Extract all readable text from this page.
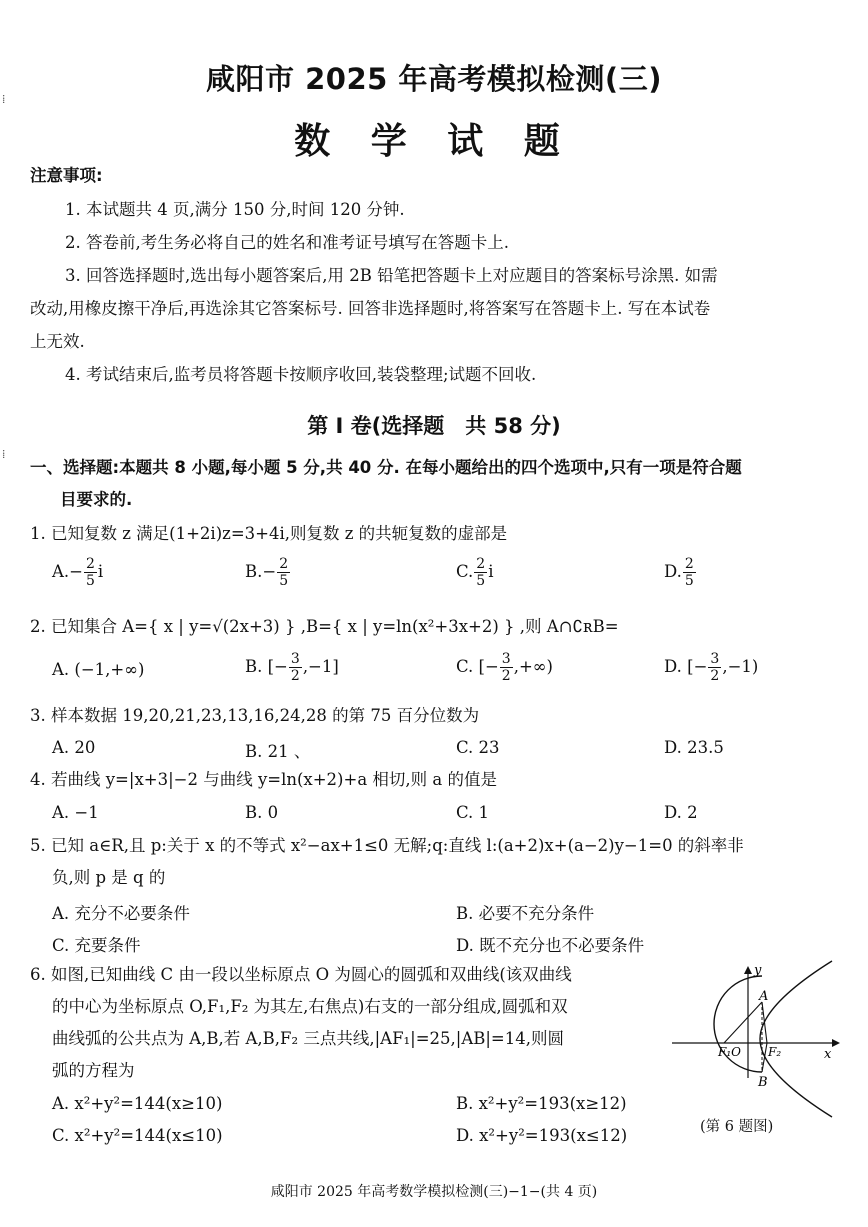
⁞
⁞
咸阳市 2025 年高考模拟检测(三)
数 学 试 题
注意事项:
1. 本试题共 4 页,满分 150 分,时间 120 分钟.
2. 答卷前,考生务必将自己的姓名和准考证号填写在答题卡上.
3. 回答选择题时,选出每小题答案后,用 2B 铅笔把答题卡上对应题目的答案标号涂黑. 如需
改动,用橡皮擦干净后,再选涂其它答案标号. 回答非选择题时,将答案写在答题卡上. 写在本试卷
上无效.
4. 考试结束后,监考员将答题卡按顺序收回,装袋整理;试题不回收.
第 Ⅰ 卷(选择题　共 58 分)
一、选择题:本题共 8 小题,每小题 5 分,共 40 分. 在每小题给出的四个选项中,只有一项是符合题
目要求的.
1. 已知复数 z 满足(1+2i)z=3+4i,则复数 z 的共轭复数的虚部是
$A.- \frac{2}{5}$ i	$B.- \frac{2}{5}$	C. $\frac{2}{5}$ i	D. $\frac{2}{5}$
2. 已知集合 A={ x | y=√(2x+3) } ,B={ x | y=ln(x²+3x+2) } ,则 A∩∁ʀB=
A. (−1,+∞)	B. [− $\frac{3}{2} ,-1$]	C. [− $\frac{3}{2}$ ,+∞)	D. [− $\frac{3}{2} ,-1$)
3. 样本数据 19,20,21,23,13,16,24,28 的第 75 百分位数为
A. 20	B. 21 、	C. 23	D. 23.5
4. 若曲线 y=|x+3|−2 与曲线 y=ln(x+2)+a 相切,则 a 的值是
A. −1	B. 0	C. 1	D. 2
5. 已知 a∈R,且 p:关于 x 的不等式 x²−ax+1≤0 无解;q:直线 l:(a+2)x+(a−2)y−1=0 的斜率非
负,则 p 是 q 的
A. 充分不必要条件	B. 必要不充分条件
C. 充要条件	D. 既不充分也不必要条件
6. 如图,已知曲线 C 由一段以坐标原点 O 为圆心的圆弧和双曲线(该双曲线
的中心为坐标原点 O,F₁,F₂ 为其左,右焦点)右支的一部分组成,圆弧和双
曲线弧的公共点为 A,B,若 A,B,F₂ 三点共线,|AF₁|=25,|AB|=14,则圆
弧的方程为
A. x²+y²=144(x≥10)	B. x²+y²=193(x≥12)
C. x²+y²=144(x≤10)	D. x²+y²=193(x≤12)
y
x
A
B
F₁O F₂
(第 6 题图)
咸阳市 2025 年高考数学模拟检测(三)−1−(共 4 页)
